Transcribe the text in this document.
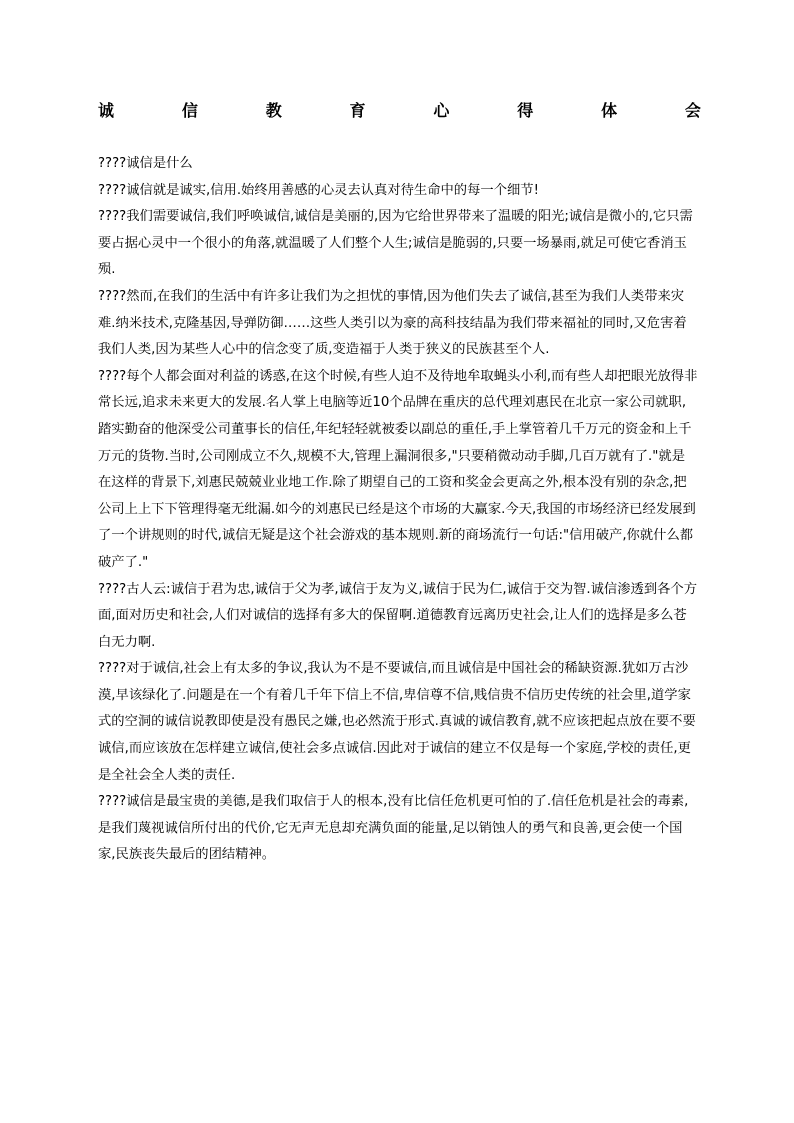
诚	信	教	育	心	得	体	会

????诚信是什么

????诚信就是诚实,信用.始终用善感的心灵去认真对待生命中的每一个细节!

????我们需要诚信,我们呼唤诚信,诚信是美丽的,因为它给世界带来了温暖的阳光;诚信是微小的,它只需要占据心灵中一个很小的角落,就温暖了人们整个人生;诚信是脆弱的,只要一场暴雨,就足可使它香消玉殒.

????然而,在我们的生活中有许多让我们为之担忧的事情,因为他们失去了诚信,甚至为我们人类带来灾难.纳米技术,克隆基因,导弹防御……这些人类引以为豪的高科技结晶为我们带来福祉的同时,又危害着我们人类,因为某些人心中的信念变了质,变造福于人类于狭义的民族甚至个人.

????每个人都会面对利益的诱惑,在这个时候,有些人迫不及待地牟取蝇头小利,而有些人却把眼光放得非常长远,追求未来更大的发展.名人掌上电脑等近10个品牌在重庆的总代理刘惠民在北京一家公司就职,踏实勤奋的他深受公司董事长的信任,年纪轻轻就被委以副总的重任,手上掌管着几千万元的资金和上千万元的货物.当时,公司刚成立不久,规模不大,管理上漏洞很多,"只要稍微动动手脚,几百万就有了."就是在这样的背景下,刘惠民兢兢业业地工作.除了期望自己的工资和奖金会更高之外,根本没有别的杂念,把公司上上下下管理得毫无纰漏.如今的刘惠民已经是这个市场的大赢家.今天,我国的市场经济已经发展到了一个讲规则的时代,诚信无疑是这个社会游戏的基本规则.新的商场流行一句话:"信用破产,你就什么都破产了."

????古人云:诚信于君为忠,诚信于父为孝,诚信于友为义,诚信于民为仁,诚信于交为智.诚信渗透到各个方面,面对历史和社会,人们对诚信的选择有多大的保留啊.道德教育远离历史社会,让人们的选择是多么苍白无力啊.

????对于诚信,社会上有太多的争议,我认为不是不要诚信,而且诚信是中国社会的稀缺资源.犹如万古沙漠,早该绿化了.问题是在一个有着几千年下信上不信,卑信尊不信,贱信贵不信历史传统的社会里,道学家式的空洞的诚信说教即使是没有愚民之嫌,也必然流于形式.真诚的诚信教育,就不应该把起点放在要不要诚信,而应该放在怎样建立诚信,使社会多点诚信.因此对于诚信的建立不仅是每一个家庭,学校的责任,更是全社会全人类的责任.

????诚信是最宝贵的美德,是我们取信于人的根本,没有比信任危机更可怕的了.信任危机是社会的毒素,是我们蔑视诚信所付出的代价,它无声无息却充满负面的能量,足以销蚀人的勇气和良善,更会使一个国家,民族丧失最后的团结精神。
